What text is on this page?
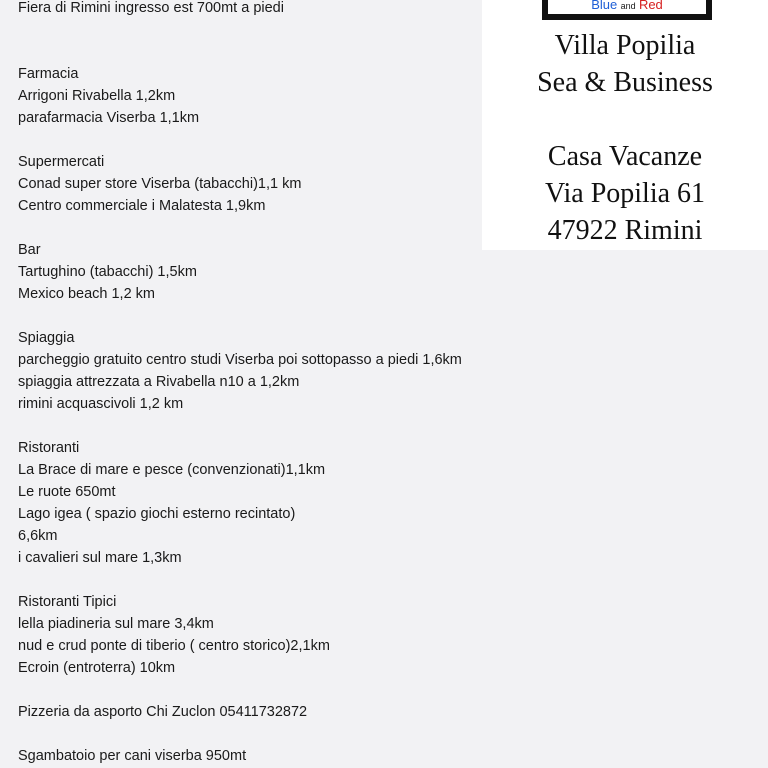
Fiera di Rimini ingresso est 700mt a piedi
Farmacia
Arrigoni Rivabella 1,2km
parafarmacia Viserba 1,1km
Supermercati
Conad super store Viserba (tabacchi)1,1 km
Centro commerciale i Malatesta 1,9km
Bar
Tartughino (tabacchi) 1,5km
Mexico beach 1,2 km
Spiaggia
parcheggio gratuito centro studi Viserba poi sottopasso a piedi 1,6km
spiaggia attrezzata a Rivabella n10 a 1,2km
rimini acquascivoli 1,2 km
Ristoranti
La Brace di mare e pesce (convenzionati)1,1km
Le ruote 650mt
Lago igea ( spazio giochi esterno recintato)
6,6km
i cavalieri sul mare 1,3km
Ristoranti Tipici
lella piadineria sul mare 3,4km
nud e crud ponte di tiberio ( centro storico)2,1km
Ecroin (entroterra) 10km
Pizzeria da asporto Chi Zuclon 05411732872
Sgambatoio per cani viserba 950mt
Blue and Red
Villa Popilia
Sea & Business
Casa Vacanze
Via Popilia 61
47922 Rimini
